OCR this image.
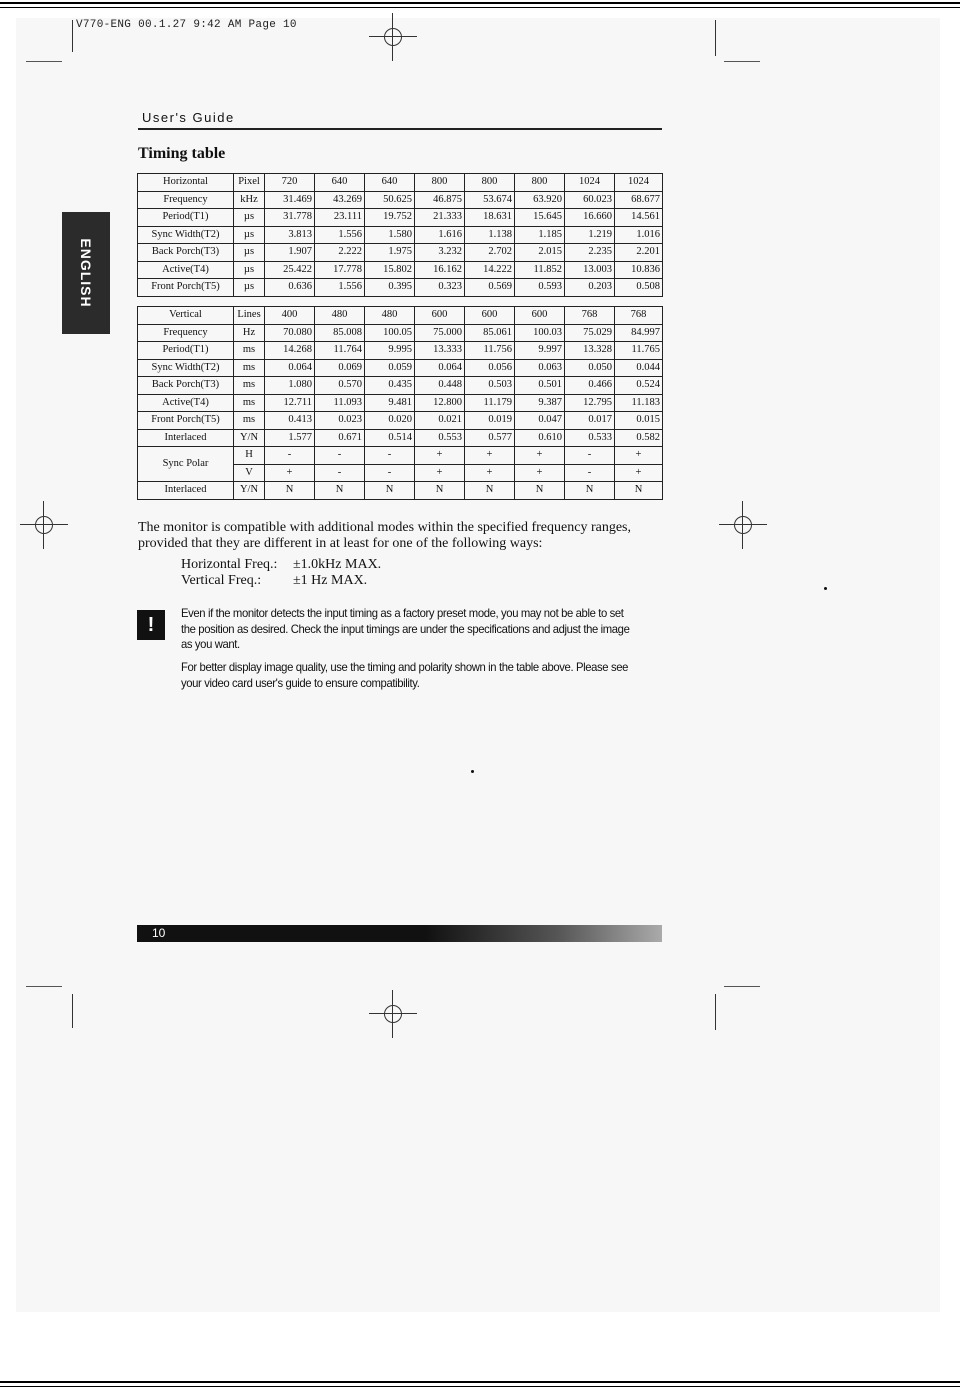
V770-ENG 00.1.27 9:42 AM Page 10
ENGLISH
User's Guide
Timing table
Horizontal	Pixel	720	640	640	800	800	800	1024	1024
Frequency	kHz	31.469	43.269	50.625	46.875	53.674	63.920	60.023	68.677
Period(T1)	µs	31.778	23.111	19.752	21.333	18.631	15.645	16.660	14.561
Sync Width(T2)	µs	3.813	1.556	1.580	1.616	1.138	1.185	1.219	1.016
Back Porch(T3)	µs	1.907	2.222	1.975	3.232	2.702	2.015	2.235	2.201
Active(T4)	µs	25.422	17.778	15.802	16.162	14.222	11.852	13.003	10.836
Front Porch(T5)	µs	0.636	1.556	0.395	0.323	0.569	0.593	0.203	0.508
Vertical	Lines	400	480	480	600	600	600	768	768
Frequency	Hz	70.080	85.008	100.05	75.000	85.061	100.03	75.029	84.997
Period(T1)	ms	14.268	11.764	9.995	13.333	11.756	9.997	13.328	11.765
Sync Width(T2)	ms	0.064	0.069	0.059	0.064	0.056	0.063	0.050	0.044
Back Porch(T3)	ms	1.080	0.570	0.435	0.448	0.503	0.501	0.466	0.524
Active(T4)	ms	12.711	11.093	9.481	12.800	11.179	9.387	12.795	11.183
Front Porch(T5)	ms	0.413	0.023	0.020	0.021	0.019	0.047	0.017	0.015
Interlaced	Y/N	1.577	0.671	0.514	0.553	0.577	0.610	0.533	0.582
Sync Polar	H	-	-	-	+	+	+	-	+
	V	+	-	-	+	+	+	-	+
Interlaced	Y/N	N	N	N	N	N	N	N	N
The monitor is compatible with additional modes within the specified frequency ranges, provided that they are different in at least for one of the following ways:
Horizontal Freq.: ±1.0kHz MAX.
Vertical Freq.: ±1 Hz MAX.
!
Even if the monitor detects the input timing as a factory preset mode, you may not be able to set the position as desired. Check the input timings are under the specifications and adjust the image as you want.
For better display image quality, use the timing and polarity shown in the table above. Please see your video card user's guide to ensure compatibility.
10
